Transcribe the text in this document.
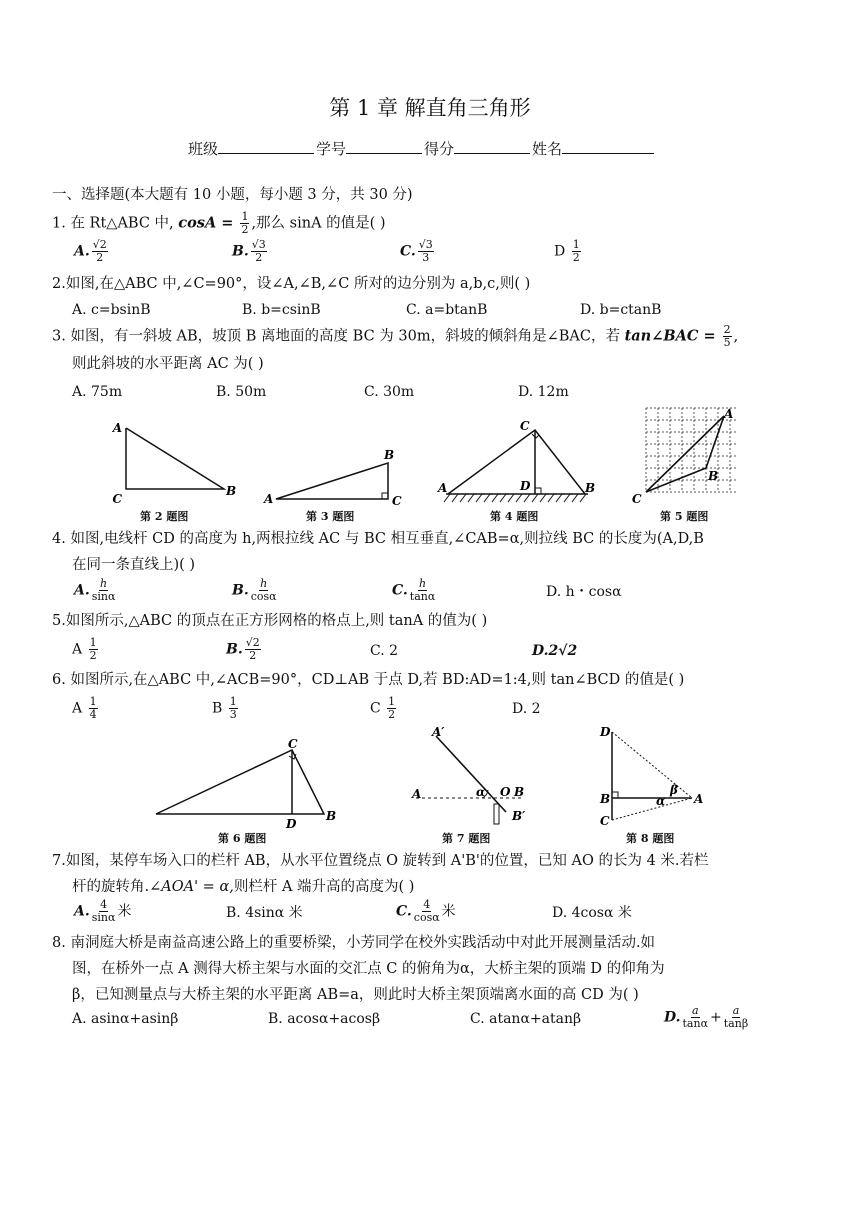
第 1 章 解直角三角形
班级	学号	得分	姓名
一、选择题(本大题有 10 小题，每小题 3 分，共 30 分)
1. 在 Rt△ABC 中, $\cos A = \frac{1}{2}$ ,那么 sinA 的值是( )
A. $\frac{√2}{2}$	B. $\frac{√3}{2}$	C. $\frac{√3}{3}$	D $\frac{1}{2}$
2.如图,在△ABC 中,∠C=90°，设∠A,∠B,∠C 所对的边分别为 a,b,c,则( )
A. c=bsinB	B. b=csinB	C. a=btanB	D. b=ctanB
3. 如图，有一斜坡 AB，坡顶 B 离地面的高度 BC 为 30m，斜坡的倾斜角是∠BAC，若 tan∠BAC = $\frac{2}{5}$ ,
则此斜坡的水平距离 AC 为( )
A. 75m	B. 50m	C. 30m	D. 12m
A
C
B
第 2 题图
A
B
C
第 3 题图
A
C
D	B
第 4 题图
A
B
C
第 5 题图
4. 如图,电线杆 CD 的高度为 h,两根拉线 AC 与 BC 相互垂直,∠CAB=α,则拉线 BC 的长度为(A,D,B
在同一条直线上)( )
A. $\frac{h}{\sin\alpha}$	B. $\frac{h}{\cos\alpha}$	C. $\frac{h}{\tan\alpha}$	D. h・cosα
5.如图所示,△ABC 的顶点在正方形网格的格点上,则 tanA 的值为( )
A $\frac{1}{2}$	B. $\frac{√2}{2}$	C. 2	D.2√2
6. 如图所示,在△ABC 中,∠ACB=90°，CD⊥AB 于点 D,若 BD:AD=1:4,则 tan∠BCD 的值是( )
A $\frac{1}{4}$	B $\frac{1}{3}$	C $\frac{1}{2}$	D. 2
C
D
B
第 6 题图
A′
A	α O B
B′
第 7 题图
D
B
C
A
β
α
第 8 题图
7.如图，某停车场入口的栏杆 AB，从水平位置绕点 O 旋转到 A'B'的位置，已知 AO 的长为 4 米.若栏
杆的旋转角.∠AOA' = α,则栏杆 A 端升高的高度为( )
A. $\frac{4}{\sin\alpha}$ 米	B. 4sinα 米	C. $\frac{4}{\cos\alpha}$ 米	D. 4cosα 米
8. 南洞庭大桥是南益高速公路上的重要桥梁，小芳同学在校外实践活动中对此开展测量活动.如
图，在桥外一点 A 测得大桥主架与水面的交汇点 C 的俯角为α，大桥主架的顶端 D 的仰角为
β，已知测量点与大桥主架的水平距离 AB=a，则此时大桥主架顶端离水面的高 CD 为( )
A. asinα+asinβ	B. acosα+acosβ	C. atanα+atanβ	D. $\frac{a}{\tan\alpha} + \frac{a}{\tan\beta}$
